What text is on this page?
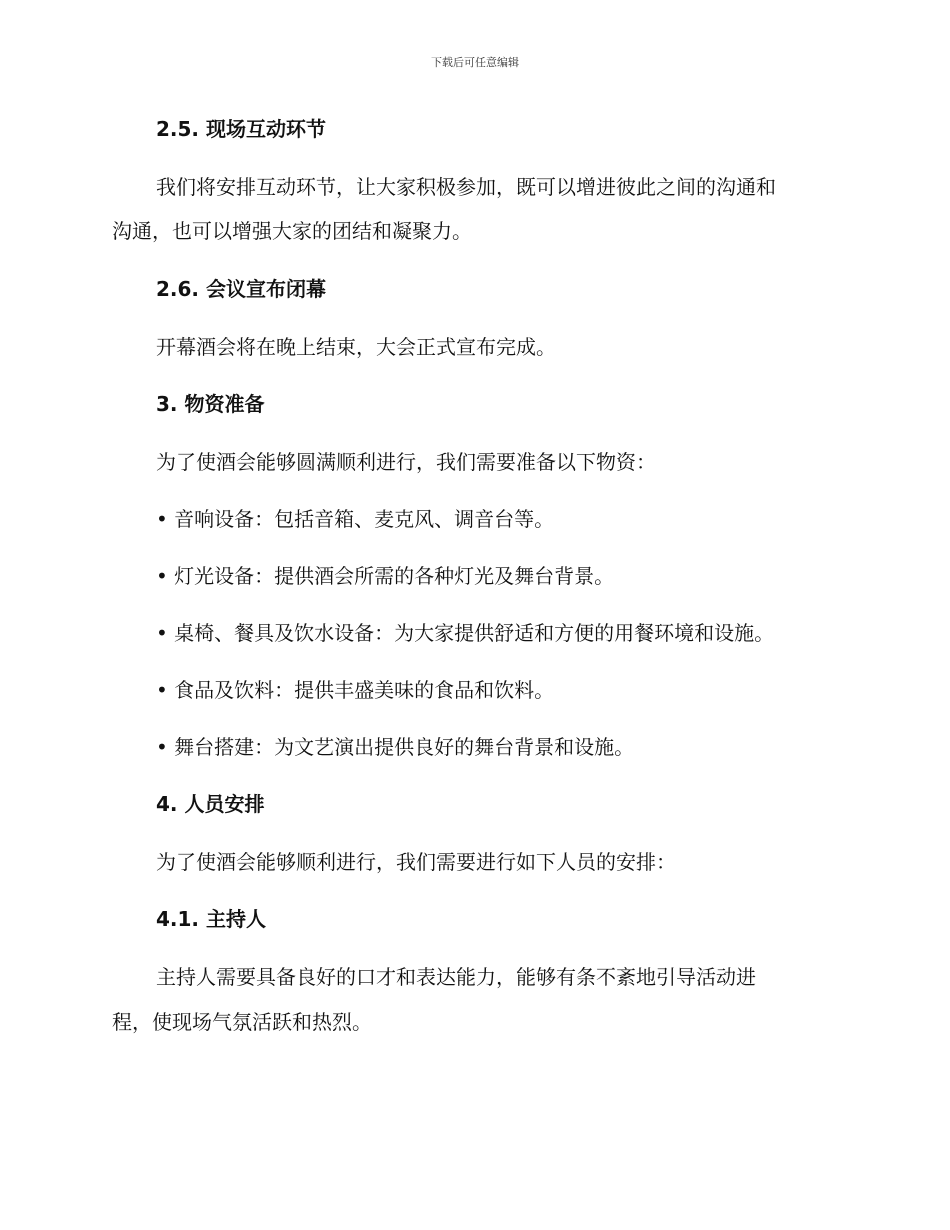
下载后可任意编辑
2.5. 现场互动环节
我们将安排互动环节，让大家积极参加，既可以增进彼此之间的沟通和
沟通，也可以增强大家的团结和凝聚力。
2.6. 会议宣布闭幕
开幕酒会将在晚上结束，大会正式宣布完成。
3. 物资准备
为了使酒会能够圆满顺利进行，我们需要准备以下物资：
• 音响设备：包括音箱、麦克风、调音台等。
• 灯光设备：提供酒会所需的各种灯光及舞台背景。
• 桌椅、餐具及饮水设备：为大家提供舒适和方便的用餐环境和设施。
• 食品及饮料：提供丰盛美味的食品和饮料。
• 舞台搭建：为文艺演出提供良好的舞台背景和设施。
4. 人员安排
为了使酒会能够顺利进行，我们需要进行如下人员的安排：
4.1. 主持人
主持人需要具备良好的口才和表达能力，能够有条不紊地引导活动进
程，使现场气氛活跃和热烈。
